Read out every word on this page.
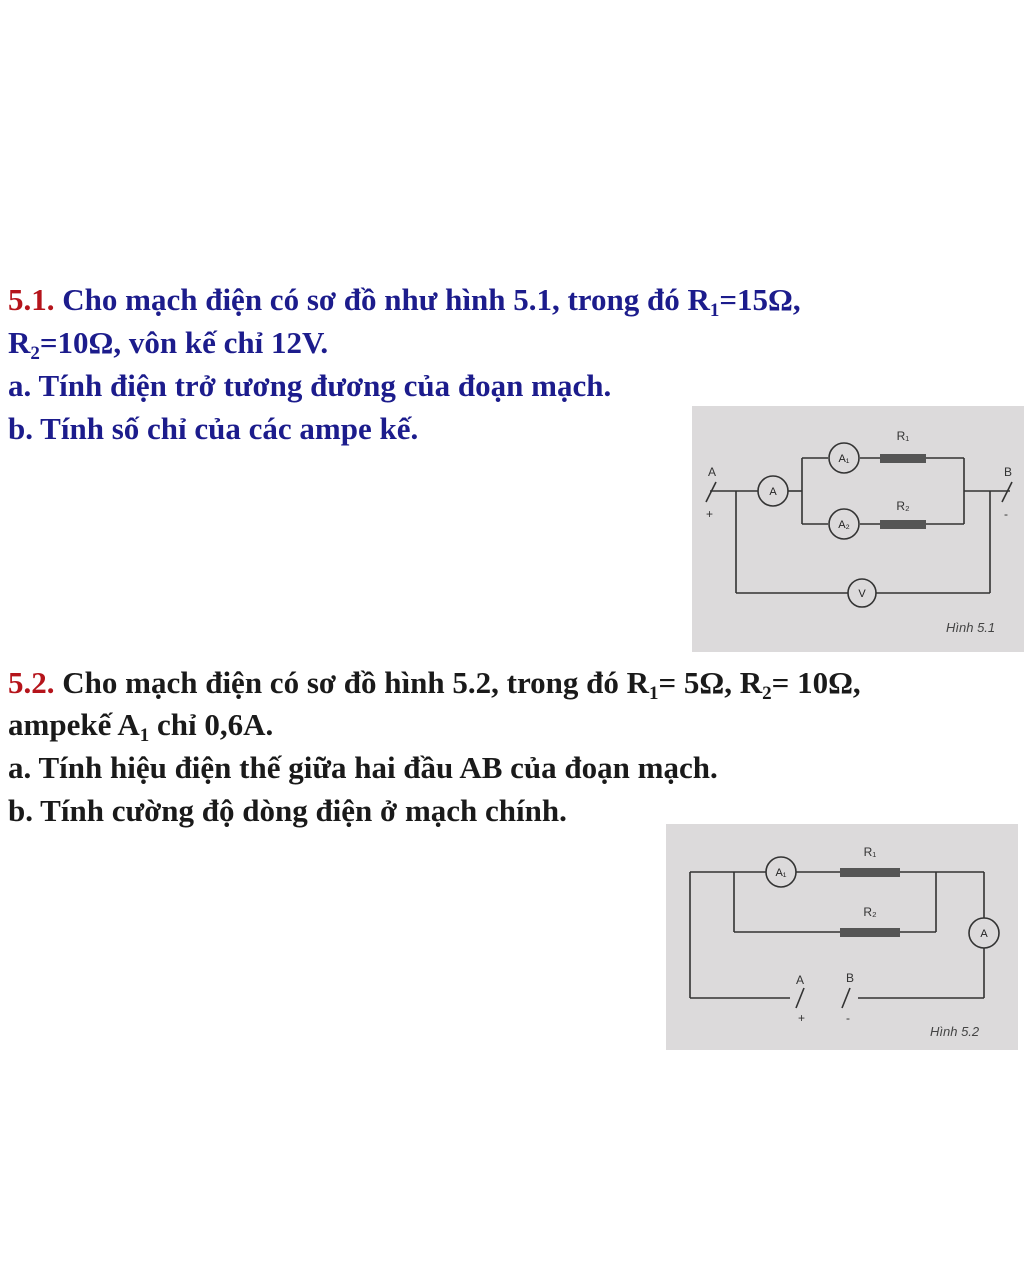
5.1. Cho mạch điện có sơ đồ như hình 5.1, trong đó $R_1=15\Omega$,

$R_2=10\Omega$, vôn kế chỉ 12V.

a. Tính điện trở tương đương của đoạn mạch.

b. Tính số chỉ của các ampe kế.

A	B
+	-
A
A₁
A₂
V
R₁
R₂
Hình 5.1

5.2. Cho mạch điện có sơ đồ hình 5.2, trong đó $R_1= 5\Omega$, $R_2= 10\Omega$,

ampekế $A_1$ chỉ 0,6A.

a. Tính hiệu điện thế giữa hai đầu AB của đoạn mạch.

b. Tính cường độ dòng điện ở mạch chính.

A	B
+	-
A₁
A
R₁
R₂
Hình 5.2
